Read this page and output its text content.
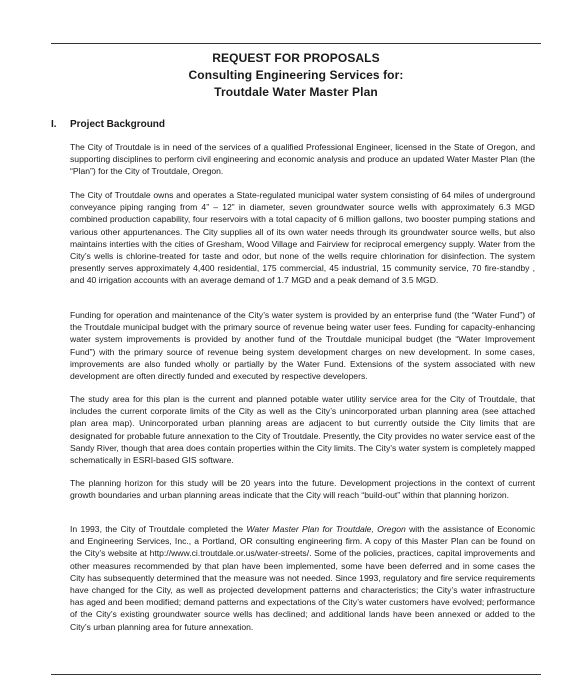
REQUEST FOR PROPOSALS
Consulting Engineering Services for:
Troutdale Water Master Plan
I. Project Background

The City of Troutdale is in need of the services of a qualified Professional Engineer, licensed in the State of Oregon, and supporting disciplines to perform civil engineering and economic analysis and produce an updated Water Master Plan (the “Plan”) for the City of Troutdale, Oregon.

The City of Troutdale owns and operates a State-regulated municipal water system consisting of 64 miles of underground conveyance piping ranging from 4” – 12” in diameter, seven groundwater source wells with approximately 6.3 MGD combined production capability, four reservoirs with a total capacity of 6 million gallons, two booster pumping stations and various other appurtenances. The City supplies all of its own water needs through its groundwater source wells, but also maintains interties with the cities of Gresham, Wood Village and Fairview for reciprocal emergency supply. Water from the City’s wells is chlorine-treated for taste and odor, but none of the wells require chlorination for disinfection. The system presently serves approximately 4,400 residential, 175 commercial, 45 industrial, 15 community service, 70 fire-standby , and 40 irrigation accounts with an average demand of 1.7 MGD and a peak demand of 3.5 MGD.

Funding for operation and maintenance of the City’s water system is provided by an enterprise fund (the “Water Fund”) of the Troutdale municipal budget with the primary source of revenue being water user fees. Funding for capacity-enhancing water system improvements is provided by another fund of the Troutdale municipal budget (the “Water Improvement Fund”) with the primary source of revenue being system development charges on new development. In some cases, improvements are also funded wholly or partially by the Water Fund. Extensions of the system associated with new development are often directly funded and executed by respective developers.

The study area for this plan is the current and planned potable water utility service area for the City of Troutdale, that includes the current corporate limits of the City as well as the City’s unincorporated urban planning area (see attached plan area map). Unincorporated urban planning areas are adjacent to but currently outside the City limits that are designated for probable future annexation to the City of Troutdale. Presently, the City provides no water service east of the Sandy River, though that area does contain properties within the City limits. The City’s water system is completely mapped schematically in ESRI-based GIS software.

The planning horizon for this study will be 20 years into the future. Development projections in the context of current growth boundaries and urban planning areas indicate that the City will reach “build-out” within that planning horizon.

In 1993, the City of Troutdale completed the Water Master Plan for Troutdale, Oregon with the assistance of Economic and Engineering Services, Inc., a Portland, OR consulting engineering firm. A copy of this Master Plan can be found on the City’s website at http://www.ci.troutdale.or.us/water-streets/. Some of the policies, practices, capital improvements and other measures recommended by that plan have been implemented, some have been deferred and in some cases the City has subsequently determined that the measure was not needed. Since 1993, regulatory and fire service requirements have changed for the City, as well as projected development patterns and characteristics; the City’s water infrastructure has aged and been modified; demand patterns and expectations of the City’s water customers have evolved; performance of the City’s existing groundwater source wells has declined; and additional lands have been annexed or added to the City’s urban planning area for future annexation.
